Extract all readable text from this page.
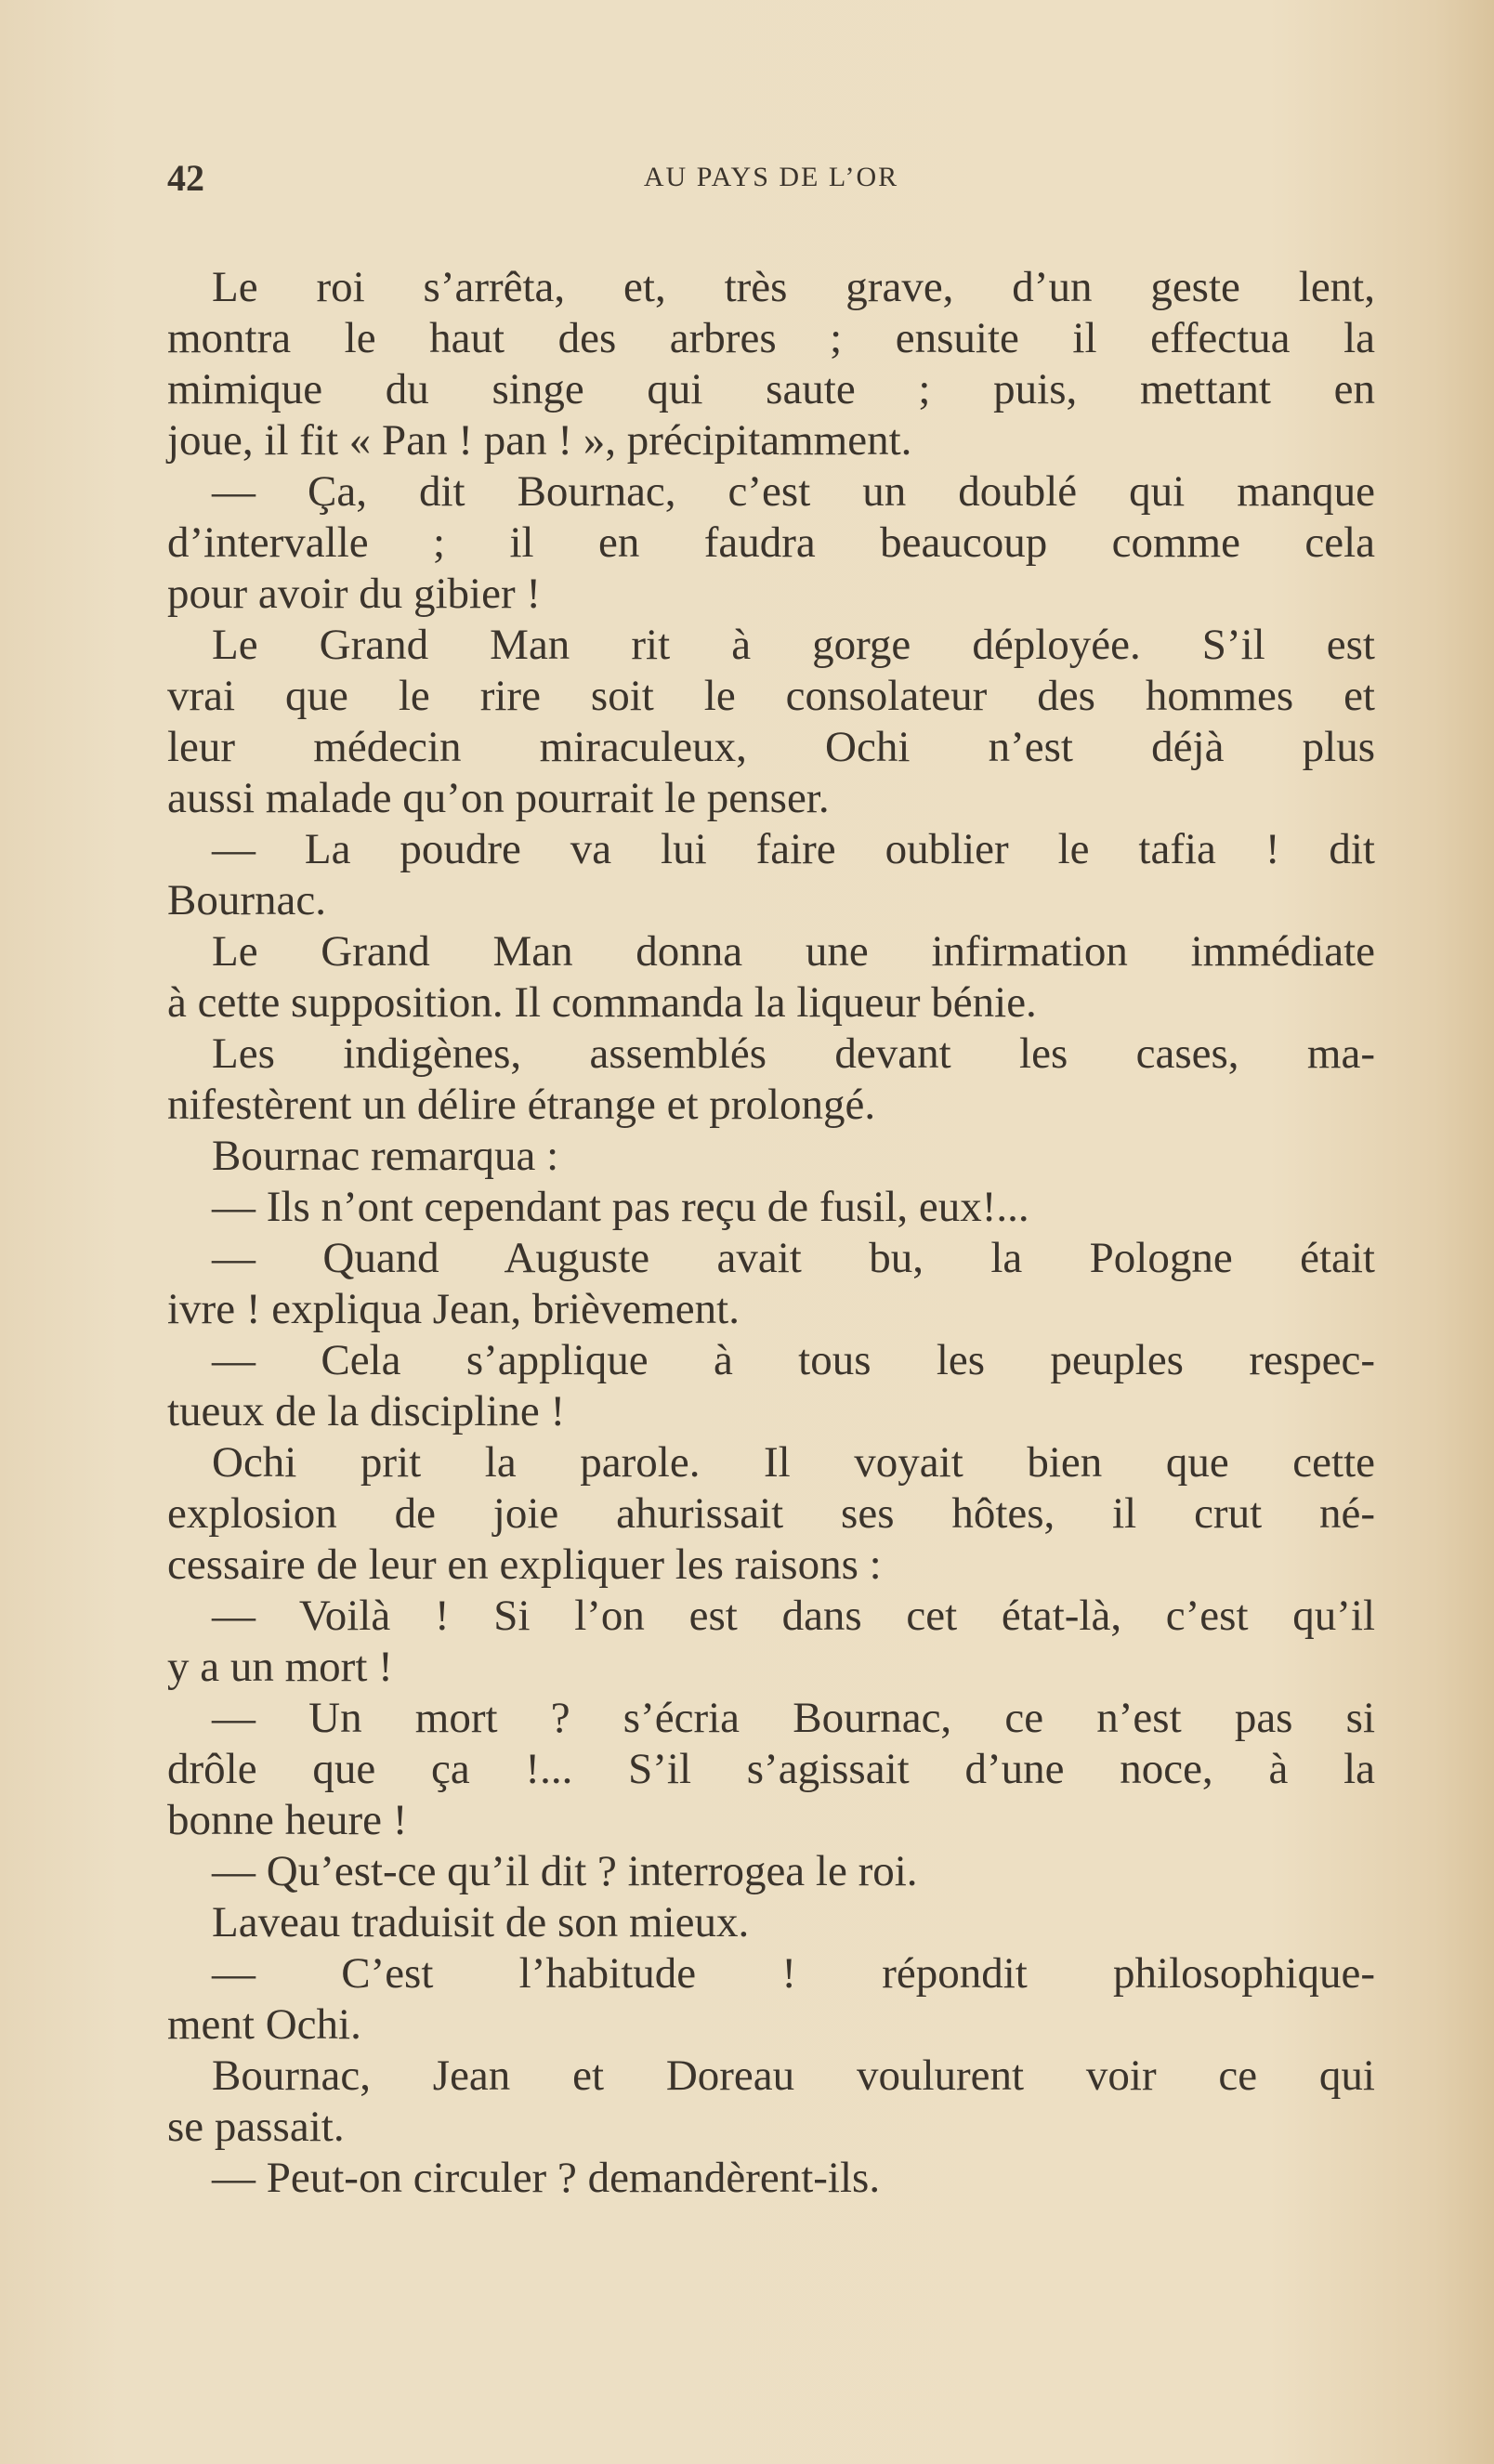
42	AU PAYS DE L’OR
Le roi s’arrêta, et, très grave, d’un geste lent,
montra le haut des arbres ; ensuite il effectua la
mimique du singe qui saute ; puis, mettant en
joue, il fit « Pan ! pan ! », précipitamment.
— Ça, dit Bournac, c’est un doublé qui manque
d’intervalle ; il en faudra beaucoup comme cela
pour avoir du gibier !
Le Grand Man rit à gorge déployée. S’il est
vrai que le rire soit le consolateur des hommes et
leur médecin miraculeux, Ochi n’est déjà plus
aussi malade qu’on pourrait le penser.
— La poudre va lui faire oublier le tafia ! dit
Bournac.
Le Grand Man donna une infirmation immédiate
à cette supposition. Il commanda la liqueur bénie.
Les indigènes, assemblés devant les cases, ma-
nifestèrent un délire étrange et prolongé.
Bournac remarqua :
— Ils n’ont cependant pas reçu de fusil, eux!...
— Quand Auguste avait bu, la Pologne était
ivre ! expliqua Jean, brièvement.
— Cela s’applique à tous les peuples respec-
tueux de la discipline !
Ochi prit la parole. Il voyait bien que cette
explosion de joie ahurissait ses hôtes, il crut né-
cessaire de leur en expliquer les raisons :
— Voilà ! Si l’on est dans cet état-là, c’est qu’il
y a un mort !
— Un mort ? s’écria Bournac, ce n’est pas si
drôle que ça !... S’il s’agissait d’une noce, à la
bonne heure !
— Qu’est-ce qu’il dit ? interrogea le roi.
Laveau traduisit de son mieux.
— C’est l’habitude ! répondit philosophique-
ment Ochi.
Bournac, Jean et Doreau voulurent voir ce qui
se passait.
— Peut-on circuler ? demandèrent-ils.
